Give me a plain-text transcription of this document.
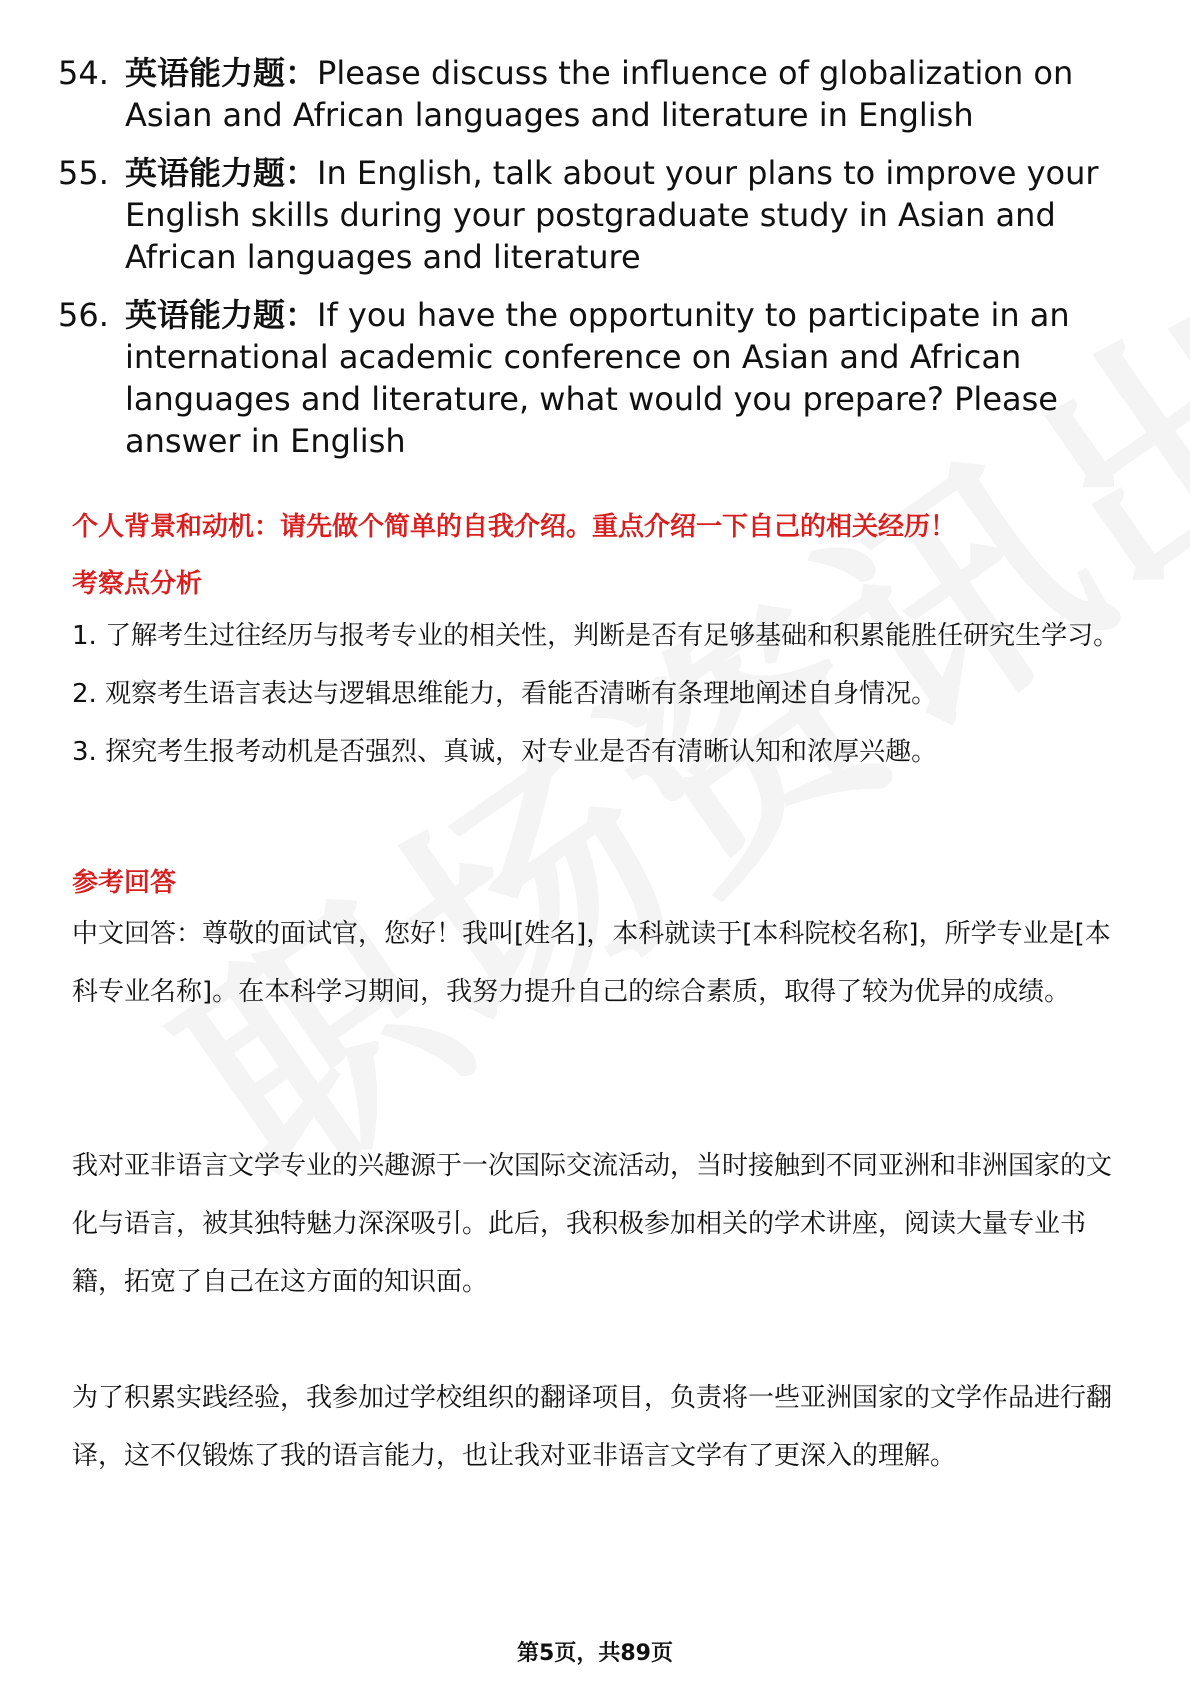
54. 英语能力题：Please discuss the influence of globalization on Asian and African languages and literature in English
55. 英语能力题：In English, talk about your plans to improve your English skills during your postgraduate study in Asian and African languages and literature
56. 英语能力题：If you have the opportunity to participate in an international academic conference on Asian and African languages and literature, what would you prepare? Please answer in English
个人背景和动机：请先做个简单的自我介绍。重点介绍一下自己的相关经历！
考察点分析

1. 了解考生过往经历与报考专业的相关性，判断是否有足够基础和积累能胜任研究生学习。

2. 观察考生语言表达与逻辑思维能力，看能否清晰有条理地阐述自身情况。

3. 探究考生报考动机是否强烈、真诚，对专业是否有清晰认知和浓厚兴趣。

参考回答

中文回答：尊敬的面试官，您好！我叫[姓名]，本科就读于[本科院校名称]，所学专业是[本科专业名称]。在本科学习期间，我努力提升自己的综合素质，取得了较为优异的成绩。

我对亚非语言文学专业的兴趣源于一次国际交流活动，当时接触到不同亚洲和非洲国家的文化与语言，被其独特魅力深深吸引。此后，我积极参加相关的学术讲座，阅读大量专业书籍，拓宽了自己在这方面的知识面。

为了积累实践经验，我参加过学校组织的翻译项目，负责将一些亚洲国家的文学作品进行翻译，这不仅锻炼了我的语言能力，也让我对亚非语言文学有了更深入的理解。

第5页，共89页
